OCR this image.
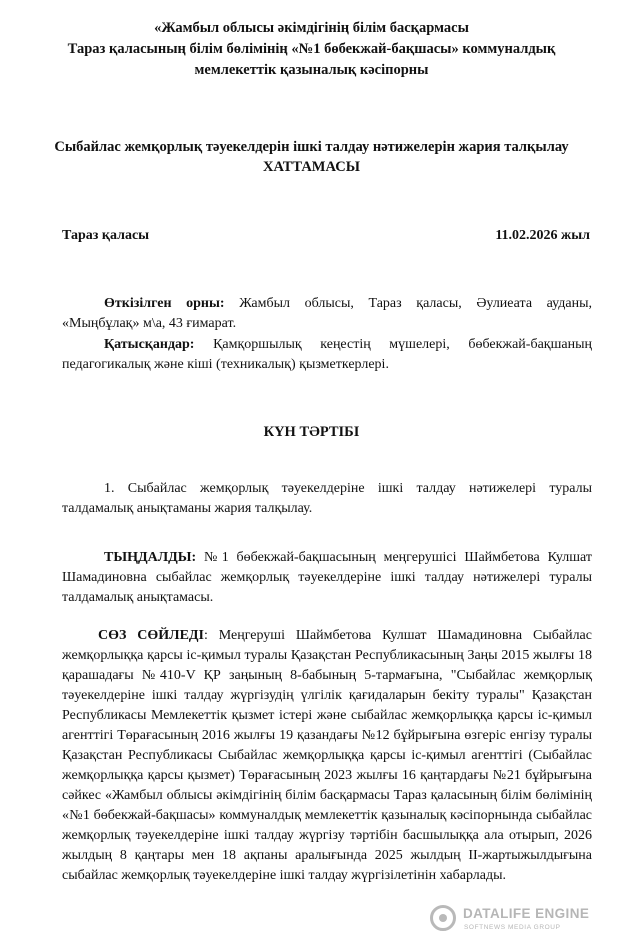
«Жамбыл облысы әкімдігінің білім басқармасы
Тараз қаласының білім бөлімінің «№1 бөбекжай-бақшасы» коммуналдық
мемлекеттік қазыналық кәсіпорны
Сыбайлас жемқорлық тәуекелдерін ішкі талдау нәтижелерін жария талқылау
ХАТТАМАСЫ
Тараз қаласы	11.02.2026 жыл
Өткізілген орны: Жамбыл облысы, Тараз қаласы, Әулиеата ауданы, «Мыңбұлақ» м\а, 43 ғимарат.
Қатысқандар: Қамқоршылық кеңестің мүшелері, бөбекжай-бақшаның педагогикалық және кіші (техникалық) қызметкерлері.
КҮН ТӘРТІБІ
1. Сыбайлас жемқорлық тәуекелдеріне ішкі талдау нәтижелері туралы талдамалық анықтаманы жария талқылау.
ТЫҢДАЛДЫ: №1 бөбекжай-бақшасының меңгерушісі Шаймбетова Кулшат Шамадиновна сыбайлас жемқорлық тәуекелдеріне ішкі талдау нәтижелері туралы талдамалық анықтамасы.
СӨЗ СӨЙЛЕДІ: Меңгеруші Шаймбетова Кулшат Шамадиновна Сыбайлас жемқорлыққа қарсы іс-қимыл туралы Қазақстан Республикасының Заңы 2015 жылғы 18 қарашадағы №410-V ҚР заңының 8-бабының 5-тармағына, "Сыбайлас жемқорлық тәуекелдеріне ішкі талдау жүргізудің үлгілік қағидаларын бекіту туралы" Қазақстан Республикасы Мемлекеттік қызмет істері және сыбайлас жемқорлыққа қарсы іс-қимыл агенттігі Төрағасының 2016 жылғы 19 қазандағы №12 бұйрығына өзгеріс енгізу туралы Қазақстан Республикасы Сыбайлас жемқорлыққа қарсы іс-қимыл агенттігі (Сыбайлас жемқорлыққа қарсы қызмет) Төрағасының 2023 жылғы 16 қаңтардағы №21 бұйрығына сәйкес «Жамбыл облысы әкімдігінің білім басқармасы Тараз қаласының білім бөлімінің «№1 бөбекжай-бақшасы» коммуналдық мемлекеттік қазыналық кәсіпорнында сыбайлас жемқорлық тәуекелдеріне ішкі талдау жүргізу тәртібін басшылыққа ала отырып, 2026 жылдың 8 қаңтары мен 18 ақпаны аралығында 2025 жылдың ІІ-жартыжылдығына сыбайлас жемқорлық тәуекелдеріне ішкі талдау жүргізілетінін хабарлады.
DATALIFE ENGINE
SOFTNEWS MEDIA GROUP
